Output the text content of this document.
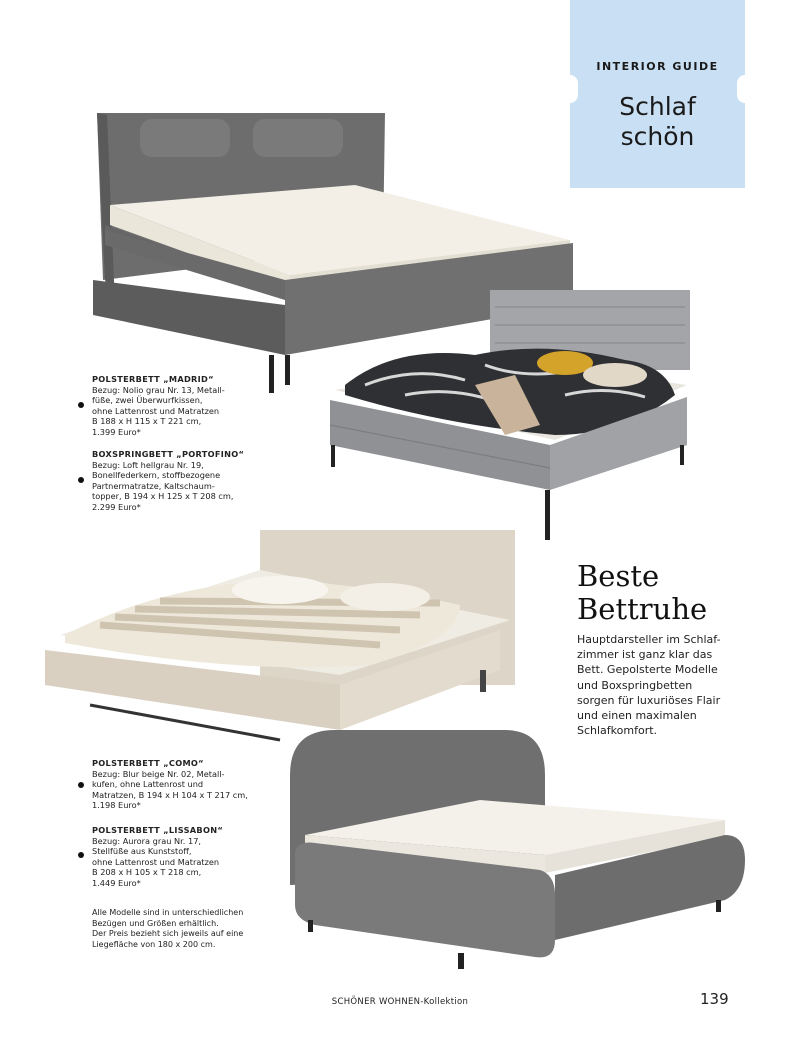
INTERIOR GUIDE
Schlaf
schön
POLSTERBETT „MADRID“
Bezug: Nolio grau Nr. 13, Metall-
füße, zwei Überwurfkissen,
ohne Lattenrost und Matratzen
B 188 x H 115 x T 221 cm,
1.399 Euro*
BOXSPRINGBETT „PORTOFINO“
Bezug: Loft hellgrau Nr. 19,
Bonellfederkern, stoffbezogene
Partnermatratze, Kaltschaum-
topper, B 194 x H 125 x T 208 cm,
2.299 Euro*
POLSTERBETT „COMO“
Bezug: Blur beige Nr. 02, Metall-
kufen, ohne Lattenrost und
Matratzen, B 194 x H 104 x T 217 cm,
1.198 Euro*
POLSTERBETT „LISSABON“
Bezug: Aurora grau Nr. 17,
Stellfüße aus Kunststoff,
ohne Lattenrost und Matratzen
B 208 x H 105 x T 218 cm,
1.449 Euro*
Beste
Bettruhe
Hauptdarsteller im Schlaf-
zimmer ist ganz klar das
Bett. Gepolsterte Modelle
und Boxspringbetten
sorgen für luxuriöses Flair
und einen maximalen
Schlafkomfort.
Alle Modelle sind in unterschiedlichen
Bezügen und Größen erhältlich.
Der Preis bezieht sich jeweils auf eine
Liegefläche von 180 x 200 cm.
SCHÖNER WOHNEN-Kollektion	139
